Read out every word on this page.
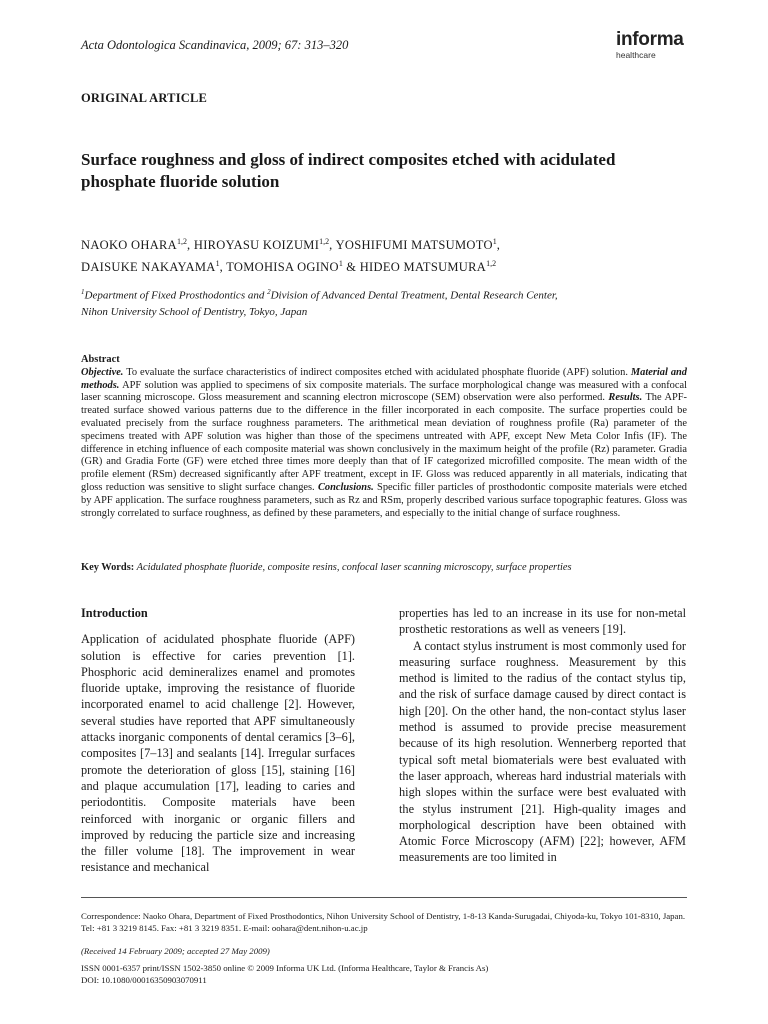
Acta Odontologica Scandinavica, 2009; 67: 313–320	informa
healthcare
ORIGINAL ARTICLE
Surface roughness and gloss of indirect composites etched with acidulated phosphate fluoride solution
NAOKO OHARA$^{1,2}$, HIROYASU KOIZUMI$^{1,2}$, YOSHIFUMI MATSUMOTO$^1$,
DAISUKE NAKAYAMA$^1$, TOMOHISA OGINO$^1$ & HIDEO MATSUMURA$^{1,2}$
$^1$Department of Fixed Prosthodontics and $^2$Division of Advanced Dental Treatment, Dental Research Center,
Nihon University School of Dentistry, Tokyo, Japan
Abstract
Objective. To evaluate the surface characteristics of indirect composites etched with acidulated phosphate fluoride (APF) solution. Material and methods. APF solution was applied to specimens of six composite materials. The surface morphological change was measured with a confocal laser scanning microscope. Gloss measurement and scanning electron microscope (SEM) observation were also performed. Results. The APF-treated surface showed various patterns due to the difference in the filler incorporated in each composite. The surface properties could be evaluated precisely from the surface roughness parameters. The arithmetical mean deviation of roughness profile (Ra) parameter of the specimens treated with APF solution was higher than those of the specimens untreated with APF, except New Meta Color Infis (IF). The difference in etching influence of each composite material was shown conclusively in the maximum height of the profile (Rz) parameter. Gradia (GR) and Gradia Forte (GF) were etched three times more deeply than that of IF categorized microfilled composite. The mean width of the profile element (RSm) decreased significantly after APF treatment, except in IF. Gloss was reduced apparently in all materials, indicating that gloss reduction was sensitive to slight surface changes. Conclusions. Specific filler particles of prosthodontic composite materials were etched by APF application. The surface roughness parameters, such as Rz and RSm, properly described various surface topographic features. Gloss was strongly correlated to surface roughness, as defined by these parameters, and especially to the initial change of surface roughness.
Key Words: Acidulated phosphate fluoride, composite resins, confocal laser scanning microscopy, surface properties
Introduction

Application of acidulated phosphate fluoride (APF) solution is effective for caries prevention [1]. Phosphoric acid demineralizes enamel and promotes fluoride uptake, improving the resistance of fluoride incorporated enamel to acid challenge [2]. However, several studies have reported that APF simultaneously attacks inorganic components of dental ceramics [3–6], composites [7–13] and sealants [14]. Irregular surfaces promote the deterioration of gloss [15], staining [16] and plaque accumulation [17], leading to caries and periodontitis. Composite materials have been reinforced with inorganic or organic fillers and improved by reducing the particle size and increasing the filler volume [18]. The improvement in wear resistance and mechanical

properties has led to an increase in its use for non-metal prosthetic restorations as well as veneers [19].

A contact stylus instrument is most commonly used for measuring surface roughness. Measurement by this method is limited to the radius of the contact stylus tip, and the risk of surface damage caused by direct contact is high [20]. On the other hand, the non-contact stylus laser method is assumed to provide precise measurement because of its high resolution. Wennerberg reported that typical soft metal biomaterials were best evaluated with the laser approach, whereas hard industrial materials with high slopes within the surface were best evaluated with the stylus instrument [21]. High-quality images and morphological description have been obtained with Atomic Force Microscopy (AFM) [22]; however, AFM measurements are too limited in

Correspondence: Naoko Ohara, Department of Fixed Prosthodontics, Nihon University School of Dentistry, 1-8-13 Kanda-Surugadai, Chiyoda-ku, Tokyo 101-8310, Japan. Tel: +81 3 3219 8145. Fax: +81 3 3219 8351. E-mail: oohara@dent.nihon-u.ac.jp
(Received 14 February 2009; accepted 27 May 2009)
ISSN 0001-6357 print/ISSN 1502-3850 online © 2009 Informa UK Ltd. (Informa Healthcare, Taylor & Francis As)
DOI: 10.1080/00016350903070911
